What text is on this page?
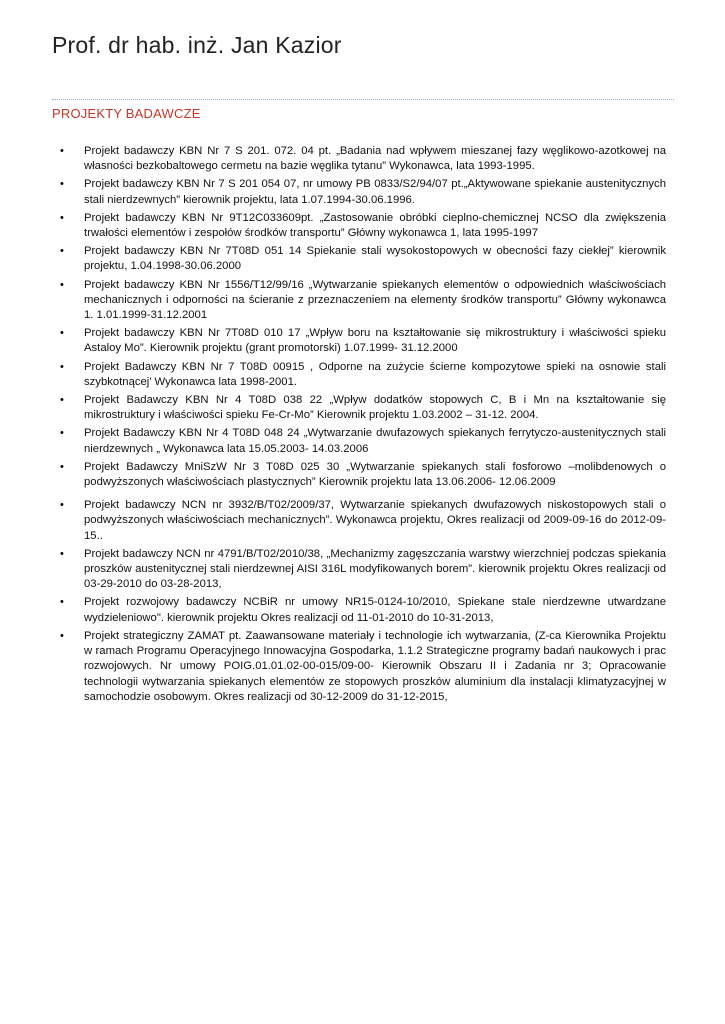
Prof. dr hab. inż. Jan Kazior
PROJEKTY BADAWCZE
•	Projekt badawczy KBN Nr 7 S 201. 072. 04 pt. „Badania nad wpływem mieszanej fazy węglikowo-azotkowej na własności bezkobaltowego cermetu na bazie węglika tytanu” Wykonawca, lata 1993-1995.
•	Projekt badawczy KBN Nr 7 S 201 054 07, nr umowy PB 0833/S2/94/07 pt.„Aktywowane spiekanie austenitycznych stali nierdzewnych” kierownik projektu, lata 1.07.1994-30.06.1996.
•	Projekt badawczy KBN Nr 9T12C033609pt. „Zastosowanie obróbki cieplno-chemicznej NCSO dla zwiększenia trwałości elementów i zespołów środków transportu” Główny wykonawca 1, lata 1995-1997
•	Projekt badawczy KBN Nr 7T08D 051 14 Spiekanie stali wysokostopowych w obecności fazy ciekłej” kierownik projektu, 1.04.1998-30.06.2000
•	Projekt badawczy KBN Nr 1556/T12/99/16 „Wytwarzanie spiekanych elementów o odpowiednich właściwościach mechanicznych i odporności na ścieranie z przeznaczeniem na elementy środków transportu” Główny wykonawca 1. 1.01.1999-31.12.2001
•	Projekt badawczy KBN Nr 7T08D 010 17 „Wpływ boru na kształtowanie się mikrostruktury i właściwości spieku Astaloy Mo”. Kierownik projektu (grant promotorski) 1.07.1999- 31.12.2000
•	Projekt Badawczy KBN Nr 7 T08D 00915 , Odporne na zużycie ścierne kompozytowe spieki na osnowie stali szybkotnącej’ Wykonawca lata 1998-2001.
•	Projekt Badawczy KBN Nr 4 T08D 038 22 „Wpływ dodatków stopowych C, B i Mn na kształtowanie się mikrostruktury i właściwości spieku Fe-Cr-Mo” Kierownik projektu 1.03.2002 – 31-12. 2004.
•	Projekt Badawczy KBN Nr 4 T08D 048 24 „Wytwarzanie dwufazowych spiekanych ferrytyczo-austenitycznych stali nierdzewnych „ Wykonawca lata 15.05.2003- 14.03.2006
•	Projekt Badawczy MniSzW Nr 3 T08D 025 30 „Wytwarzanie spiekanych stali fosforowo –molibdenowych o podwyższonych właściwościach plastycznych” Kierownik projektu lata 13.06.2006- 12.06.2009
•	Projekt badawczy NCN nr 3932/B/T02/2009/37, Wytwarzanie spiekanych dwufazowych niskostopowych stali o podwyższonych właściwościach mechanicznych”. Wykonawca projektu, Okres realizacji od 2009-09-16 do 2012-09-15..
•	Projekt badawczy NCN nr 4791/B/T02/2010/38, „Mechanizmy zagęszczania warstwy wierzchniej podczas spiekania proszków austenitycznej stali nierdzewnej AISI 316L modyfikowanych borem”. kierownik projektu Okres realizacji od 03-29-2010 do 03-28-2013,
•	Projekt rozwojowy badawczy NCBiR nr umowy NR15-0124-10/2010, Spiekane stale nierdzewne utwardzane wydzieleniowo". kierownik projektu Okres realizacji od 11-01-2010 do 10-31-2013,
•	Projekt strategiczny ZAMAT pt. Zaawansowane materiały i technologie ich wytwarzania, (Z-ca Kierownika Projektu w ramach Programu Operacyjnego Innowacyjna Gospodarka, 1.1.2 Strategiczne programy badań naukowych i prac rozwojowych. Nr umowy POIG.01.01.02-00-015/09-00- Kierownik Obszaru II i Zadania nr 3; Opracowanie technologii wytwarzania spiekanych elementów ze stopowych proszków aluminium dla instalacji klimatyzacyjnej w samochodzie osobowym. Okres realizacji od 30-12-2009 do 31-12-2015,
